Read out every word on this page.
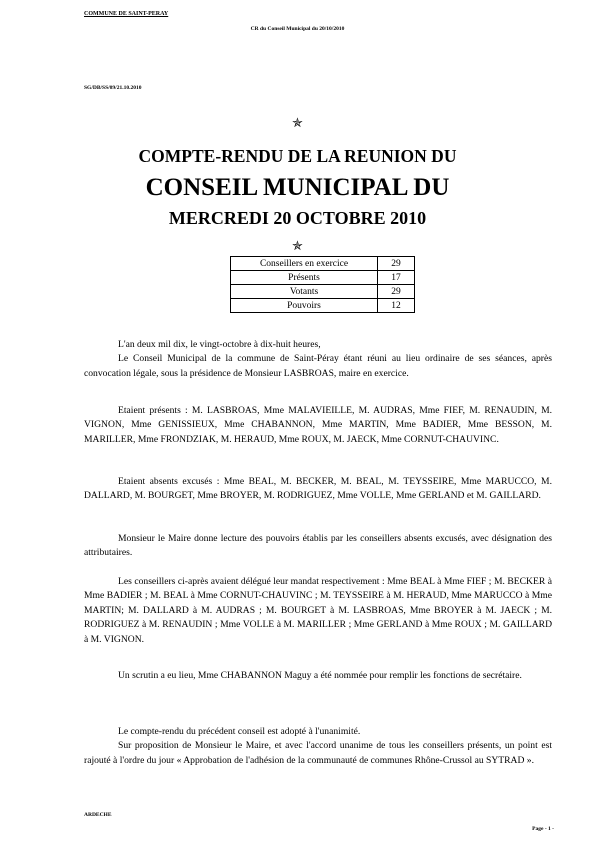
COMMUNE DE SAINT-PERAY
CR du Conseil Municipal du 20/10/2010
SG/DB/SS/09/21.10.2010
✯
COMPTE-RENDU DE LA REUNION DU
CONSEIL MUNICIPAL DU
MERCREDI 20 OCTOBRE 2010
✯
Conseillers en exercice	29
Présents	17
Votants	29
Pouvoirs	12

L'an deux mil dix, le vingt-octobre à dix-huit heures,

Le Conseil Municipal de la commune de Saint-Péray étant réuni au lieu ordinaire de ses séances, après convocation légale, sous la présidence de Monsieur LASBROAS, maire en exercice.

Etaient présents : M. LASBROAS, Mme MALAVIEILLE, M. AUDRAS, Mme FIEF, M. RENAUDIN, M. VIGNON, Mme GENISSIEUX, Mme CHABANNON, Mme MARTIN, Mme BADIER, Mme BESSON, M. MARILLER, Mme FRONDZIAK, M. HERAUD, Mme ROUX, M. JAECK, Mme CORNUT-CHAUVINC.

Etaient absents excusés : Mme BEAL, M. BECKER, M. BEAL, M. TEYSSEIRE, Mme MARUCCO, M. DALLARD, M. BOURGET, Mme BROYER, M. RODRIGUEZ, Mme VOLLE, Mme GERLAND et M. GAILLARD.

Monsieur le Maire donne lecture des pouvoirs établis par les conseillers absents excusés, avec désignation des attributaires.

Les conseillers ci-après avaient délégué leur mandat respectivement : Mme BEAL à Mme FIEF ; M. BECKER à Mme BADIER ; M. BEAL à Mme CORNUT-CHAUVINC ; M. TEYSSEIRE à M. HERAUD, Mme MARUCCO à Mme MARTIN; M. DALLARD à M. AUDRAS ; M. BOURGET à M. LASBROAS, Mme BROYER à M. JAECK ; M. RODRIGUEZ à M. RENAUDIN ; Mme VOLLE à M. MARILLER ; Mme GERLAND à Mme ROUX ; M. GAILLARD à M. VIGNON.

Un scrutin a eu lieu, Mme CHABANNON Maguy a été nommée pour remplir les fonctions de secrétaire.

Le compte-rendu du précédent conseil est adopté à l'unanimité.

Sur proposition de Monsieur le Maire, et avec l'accord unanime de tous les conseillers présents, un point est rajouté à l'ordre du jour « Approbation de l'adhésion de la communauté de communes Rhône-Crussol au SYTRAD ».

ARDECHE
Page - 1 -
